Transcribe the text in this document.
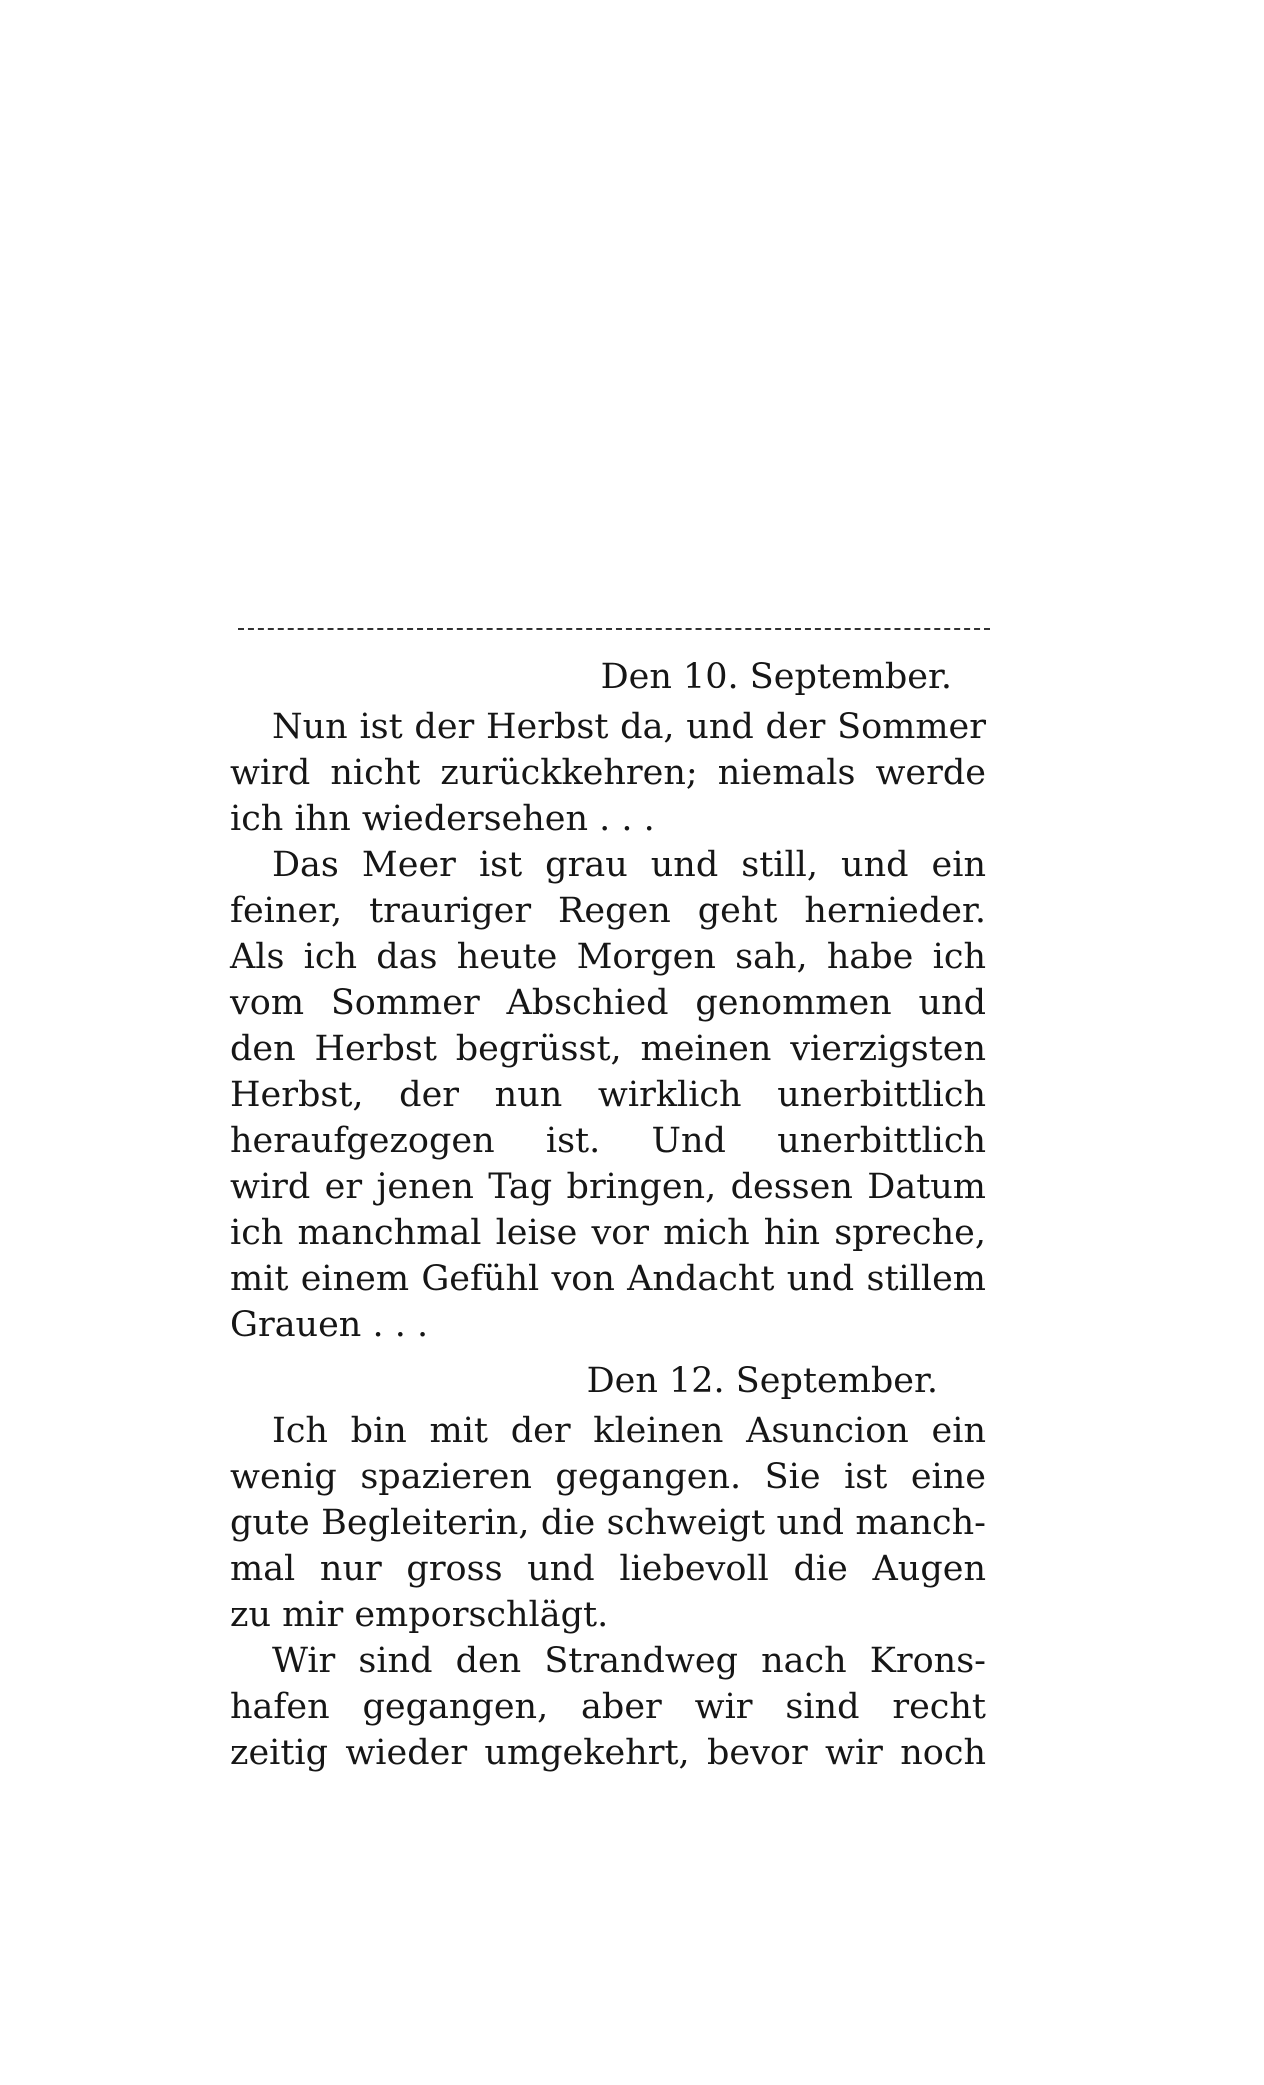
Den 10. September.

Nun ist der Herbst da, und der Sommer
wird nicht zurückkehren; niemals werde
ich ihn wiedersehen . . .

Das Meer ist grau und still, und ein
feiner, trauriger Regen geht hernieder.
Als ich das heute Morgen sah, habe ich
vom Sommer Abschied genommen und
den Herbst begrüsst, meinen vierzigsten
Herbst, der nun wirklich unerbittlich
heraufgezogen ist. Und unerbittlich
wird er jenen Tag bringen, dessen Datum
ich manchmal leise vor mich hin spreche,
mit einem Gefühl von Andacht und stillem
Grauen . . .

Den 12. September.

Ich bin mit der kleinen Asuncion ein
wenig spazieren gegangen. Sie ist eine
gute Begleiterin, die schweigt und manch-
mal nur gross und liebevoll die Augen
zu mir emporschlägt.

Wir sind den Strandweg nach Krons-
hafen gegangen, aber wir sind recht
zeitig wieder umgekehrt, bevor wir noch
